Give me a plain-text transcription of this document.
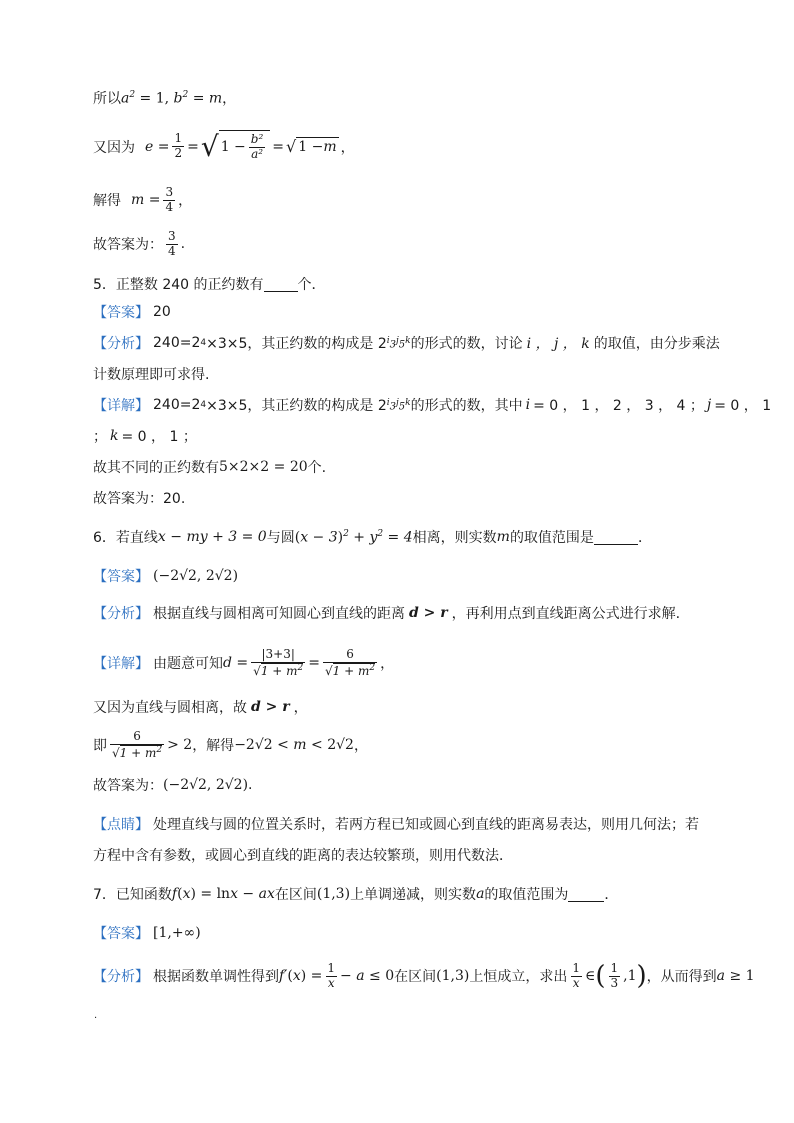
所以 $a^2 = 1$, $b^2 = m$ ，
又因为 $e = \frac{1}{2}$ = √ $1 - \frac{\text{b²}}{\text{a²}}$ = √ 1 − m ，
解得 $m = \frac{3}{4}$ ，
故答案为： $\frac{3}{4}$ .
5．正整数 240 的正约数有 个．
【答案】 20
【分析】 240=2 4 ×3×5，其正约数的构成是 2 $^i$3$^j$5$^k$ 的形式的数，讨论 i ， j ， k 的取值，由分步乘法
计数原理即可求得.
【详解】 240=2 4 ×3×5，其正约数的构成是 2 $^i$3$^j$5$^k$ 的形式的数，其中 i = 0 ， 1 ， 2 ， 3 ， 4 ； j = 0 ， 1
； k = 0 ， 1 ；
故其不同的正约数有 5×2×2 = 20 个.
故答案为：20.
6．若直线 x − my + 3 = 0 与圆 $(x - 3)^2 + y^2 = 4$ 相离，则实数 m 的取值范围是	．
【答案】 (−2√2, 2√2)
【分析】 根据直线与圆相离可知圆心到直线的距离 d > r ，再利用点到直线距离公式进行求解.
【详解】 由题意可知 $d = \frac{|3+3|}{√1 + m^2} = \frac{6}{√1 + m^2}$ ，
又因为直线与圆相离，故 d > r ，
即 $\frac{6}{√1 + m^2} > 2$ ，解得 −2√2 < m < 2√2 ，
故答案为： (−2√2, 2√2) .
【点睛】 处理直线与圆的位置关系时，若两方程已知或圆心到直线的距离易表达，则用几何法；若
方程中含有参数，或圆心到直线的距离的表达较繁琐，则用代数法．
7．已知函数 f(x) = lnx − ax 在区间 (1,3) 上单调递减，则实数 a 的取值范围为	．
【答案】 [1,+∞)
【分析】 根据函数单调性得到 $f'(x) = \frac{1}{x} - a \le 0$ 在区间 (1,3) 上恒成立，求出 $\frac{1}{x}$ ∈ ( $\frac{1}{3} ,1$ ) ，从而得到 a ≥ 1
.
